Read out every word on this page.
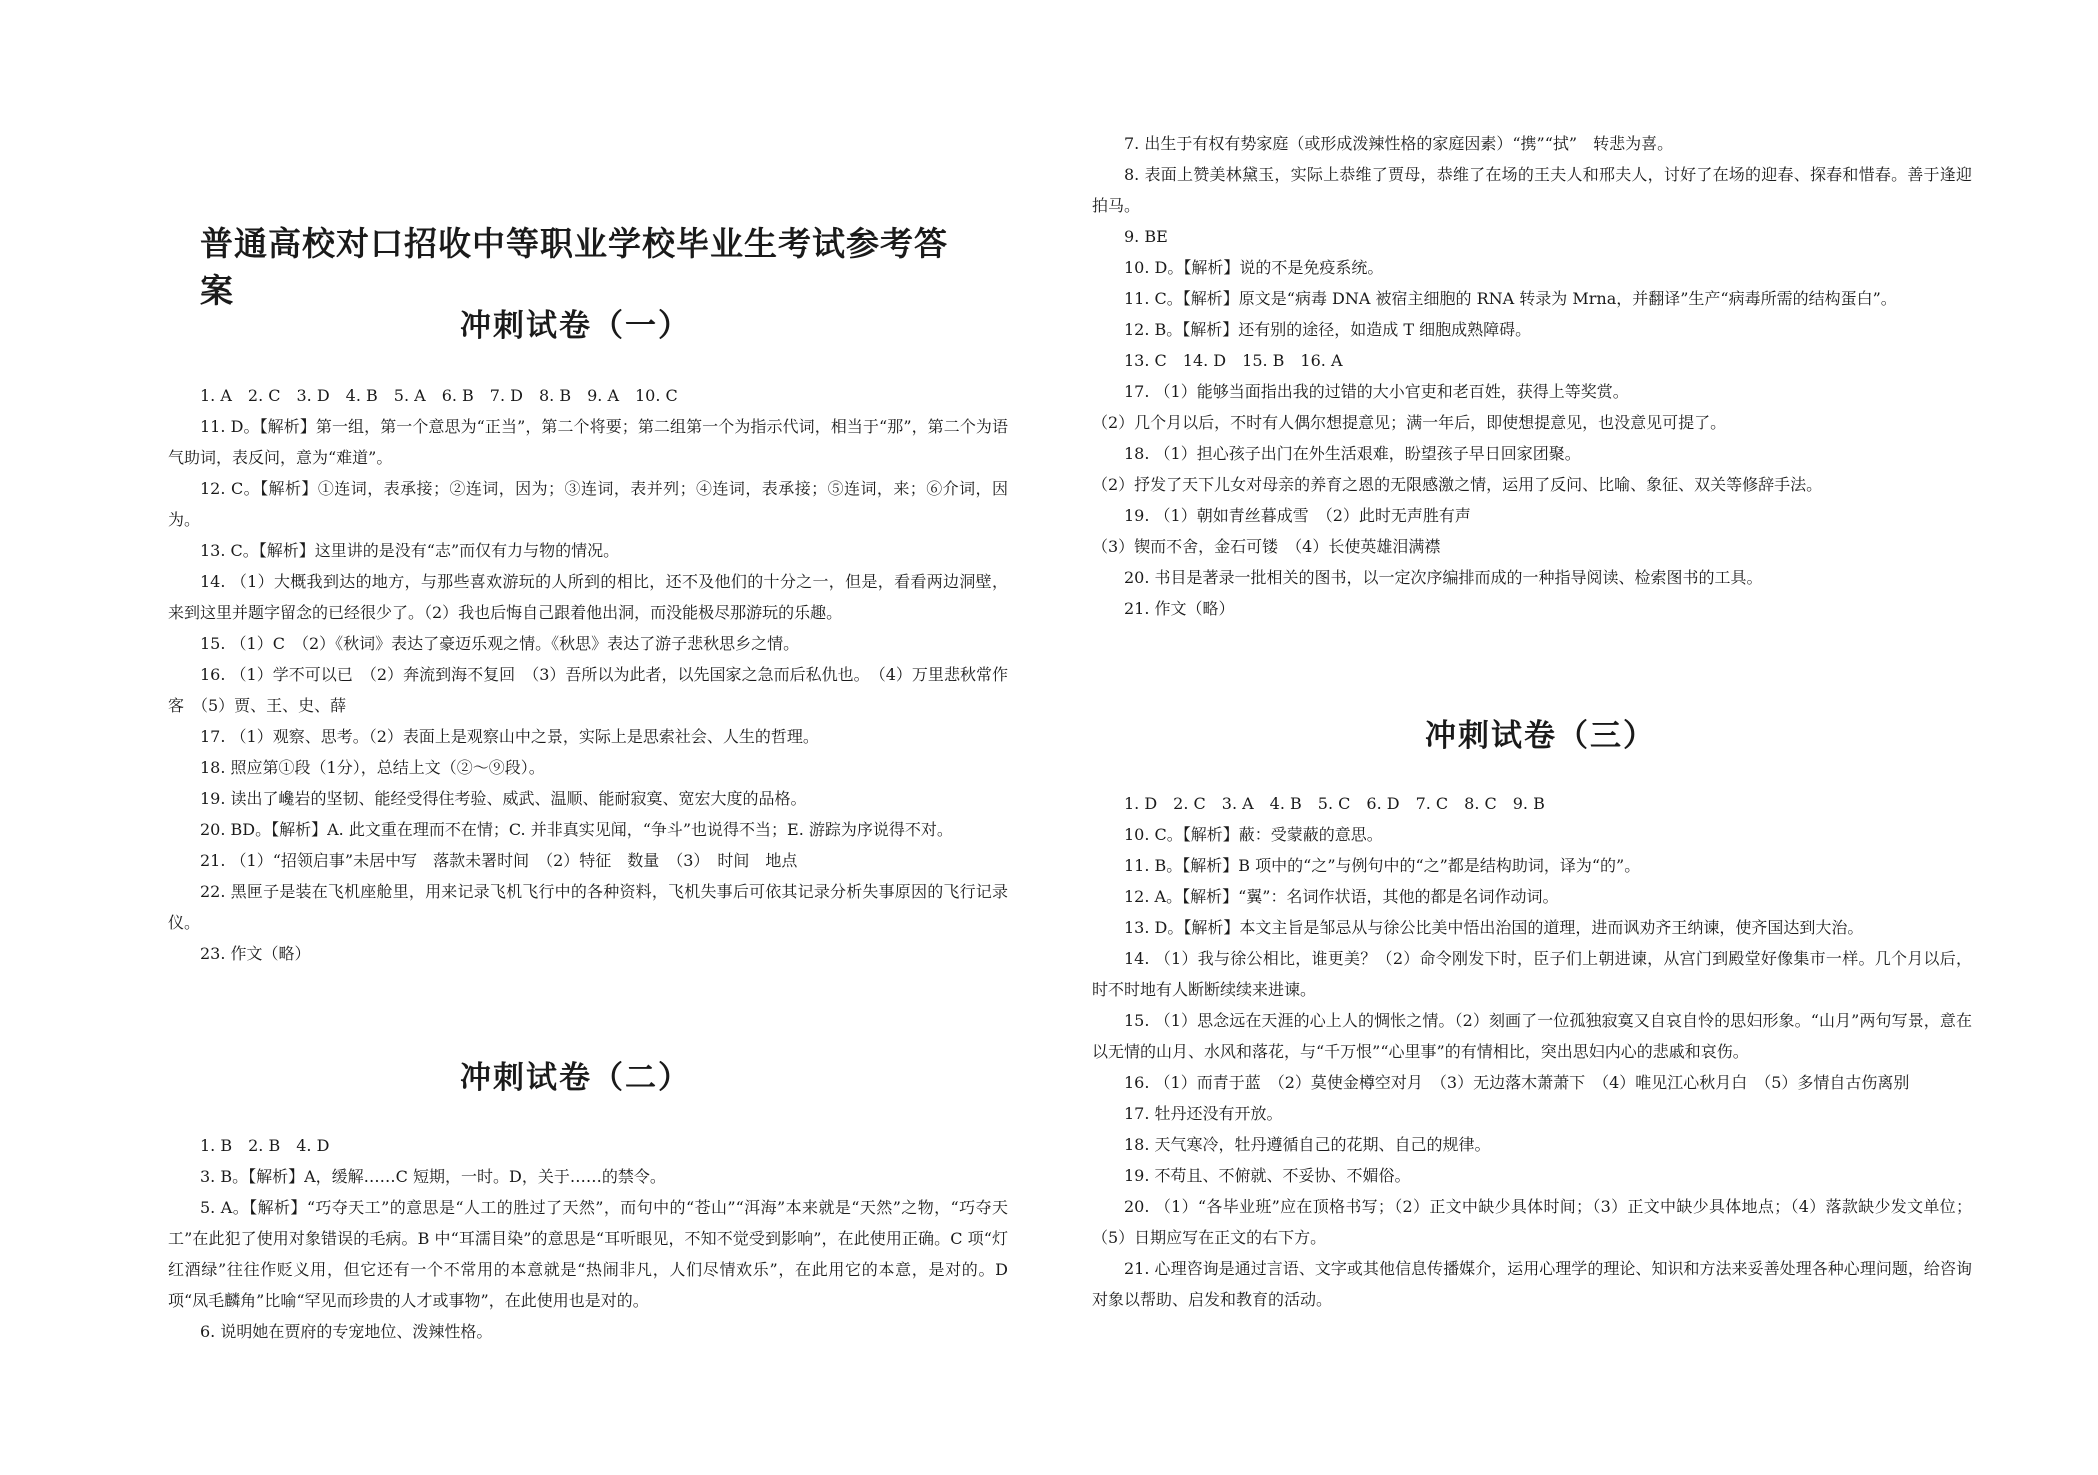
普通高校对口招收中等职业学校毕业生考试参考答案
冲刺试卷（一）

1. A　2. C　3. D　4. B　5. A　6. B　7. D　8. B　9. A　10. C

11. D。【解析】第一组，第一个意思为“正当”，第二个将要；第二组第一个为指示代词，相当于“那”，第二个为语气助词，表反问，意为“难道”。

12. C。【解析】①连词，表承接；②连词，因为；③连词，表并列；④连词，表承接；⑤连词，来；⑥介词，因为。

13. C。【解析】这里讲的是没有“志”而仅有力与物的情况。

14. （1）大概我到达的地方，与那些喜欢游玩的人所到的相比，还不及他们的十分之一，但是，看看两边洞壁，来到这里并题字留念的已经很少了。（2）我也后悔自己跟着他出洞，而没能极尽那游玩的乐趣。

15. （1）C　（2）《秋词》表达了豪迈乐观之情。《秋思》表达了游子悲秋思乡之情。

16. （1）学不可以已　（2）奔流到海不复回　（3）吾所以为此者，以先国家之急而后私仇也。　（4）万里悲秋常作客　（5）贾、王、史、薛

17. （1）观察、思考。（2）表面上是观察山中之景，实际上是思索社会、人生的哲理。

18. 照应第①段（1分），总结上文（②～⑨段）。

19. 读出了巉岩的坚韧、能经受得住考验、威武、温顺、能耐寂寞、宽宏大度的品格。

20. BD。【解析】A. 此文重在理而不在情；C. 并非真实见闻，“争斗”也说得不当；E. 游踪为序说得不对。

21. （1）“招领启事”未居中写　落款未署时间　（2）特征　数量　（3）　时间　地点

22. 黑匣子是装在飞机座舱里，用来记录飞机飞行中的各种资料，飞机失事后可依其记录分析失事原因的飞行记录仪。

23. 作文（略）

冲刺试卷（二）

1. B　2. B　4. D

3. B。【解析】A，缓解……C 短期，一时。D，关于……的禁令。

5. A。【解析】“巧夺天工”的意思是“人工的胜过了天然”，而句中的“苍山”“洱海”本来就是“天然”之物，“巧夺天工”在此犯了使用对象错误的毛病。B 中“耳濡目染”的意思是“耳听眼见，不知不觉受到影响”，在此使用正确。C 项“灯红酒绿”往往作贬义用，但它还有一个不常用的本意就是“热闹非凡，人们尽情欢乐”，在此用它的本意，是对的。D 项“凤毛麟角”比喻“罕见而珍贵的人才或事物”，在此使用也是对的。

6. 说明她在贾府的专宠地位、泼辣性格。

7. 出生于有权有势家庭（或形成泼辣性格的家庭因素）“携”“拭”　转悲为喜。

8. 表面上赞美林黛玉，实际上恭维了贾母，恭维了在场的王夫人和邢夫人，讨好了在场的迎春、探春和惜春。善于逢迎拍马。

9. BE

10. D。【解析】说的不是免疫系统。

11. C。【解析】原文是“病毒 DNA 被宿主细胞的 RNA 转录为 Mrna，并翻译”生产“病毒所需的结构蛋白”。

12. B。【解析】还有别的途径，如造成 T 细胞成熟障碍。

13. C　14. D　15. B　16. A

17. （1）能够当面指出我的过错的大小官吏和老百姓，获得上等奖赏。

（2）几个月以后，不时有人偶尔想提意见；满一年后，即使想提意见，也没意见可提了。

18. （1）担心孩子出门在外生活艰难，盼望孩子早日回家团聚。

（2）抒发了天下儿女对母亲的养育之恩的无限感激之情，运用了反问、比喻、象征、双关等修辞手法。

19. （1）朝如青丝暮成雪　（2）此时无声胜有声

（3）锲而不舍，金石可镂　（4）长使英雄泪满襟

20. 书目是著录一批相关的图书，以一定次序编排而成的一种指导阅读、检索图书的工具。

21. 作文（略）

冲刺试卷（三）

1. D　2. C　3. A　4. B　5. C　6. D　7. C　8. C　9. B

10. C。【解析】蔽：受蒙蔽的意思。

11. B。【解析】B 项中的“之”与例句中的“之”都是结构助词，译为“的”。

12. A。【解析】“翼”：名词作状语，其他的都是名词作动词。

13. D。【解析】本文主旨是邹忌从与徐公比美中悟出治国的道理，进而讽劝齐王纳谏，使齐国达到大治。

14. （1）我与徐公相比，谁更美？（2）命令刚发下时，臣子们上朝进谏，从宫门到殿堂好像集市一样。几个月以后，时不时地有人断断续续来进谏。

15. （1）思念远在天涯的心上人的惆怅之情。（2）刻画了一位孤独寂寞又自哀自怜的思妇形象。“山月”两句写景，意在以无情的山月、水风和落花，与“千万恨”“心里事”的有情相比，突出思妇内心的悲戚和哀伤。

16. （1）而青于蓝　（2）莫使金樽空对月　（3）无边落木萧萧下　（4）唯见江心秋月白　（5）多情自古伤离别

17. 牡丹还没有开放。

18. 天气寒冷，牡丹遵循自己的花期、自己的规律。

19. 不苟且、不俯就、不妥协、不媚俗。

20. （1）“各毕业班”应在顶格书写；（2）正文中缺少具体时间；（3）正文中缺少具体地点；（4）落款缺少发文单位；（5）日期应写在正文的右下方。

21. 心理咨询是通过言语、文字或其他信息传播媒介，运用心理学的理论、知识和方法来妥善处理各种心理问题，给咨询对象以帮助、启发和教育的活动。
